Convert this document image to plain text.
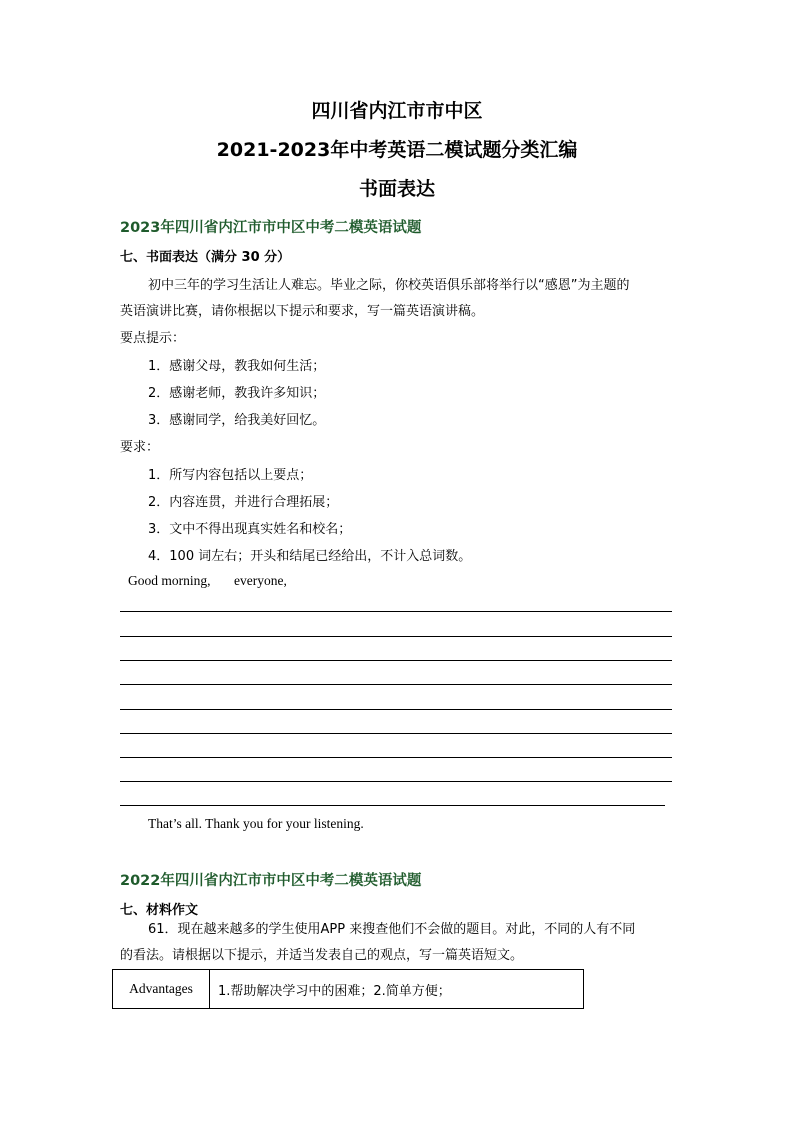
四川省内江市市中区
2021-2023年中考英语二模试题分类汇编
书面表达
2023年四川省内江市市中区中考二模英语试题
七、书面表达（满分 30 分）
初中三年的学习生活让人难忘。毕业之际，你校英语俱乐部将举行以“感恩”为主题的
英语演讲比赛，请你根据以下提示和要求，写一篇英语演讲稿。
要点提示：
1．感谢父母，教我如何生活；
2．感谢老师，教我许多知识；
3．感谢同学，给我美好回忆。
要求：
1．所写内容包括以上要点；
2．内容连贯，并进行合理拓展；
3．文中不得出现真实姓名和校名；
4．100 词左右；开头和结尾已经给出，不计入总词数。
Good morning, everyone,
That’s all. Thank you for your listening.
2022年四川省内江市市中区中考二模英语试题
七、材料作文
61．现在越来越多的学生使用APP 来搜查他们不会做的题目。对此，不同的人有不同
的看法。请根据以下提示，并适当发表自己的观点，写一篇英语短文。
Advantages	1.帮助解决学习中的困难；2.简单方便；
